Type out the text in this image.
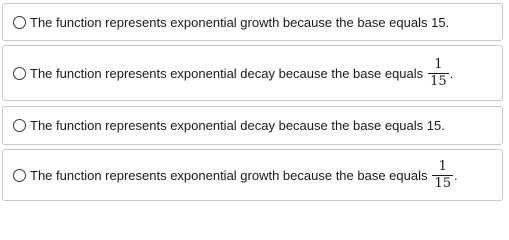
The function represents exponential growth because the base equals 15.
The function represents exponential decay because the base equals $\frac{1}{15}$ .
The function represents exponential decay because the base equals 15.
The function represents exponential growth because the base equals $\frac{1}{15}$ .
